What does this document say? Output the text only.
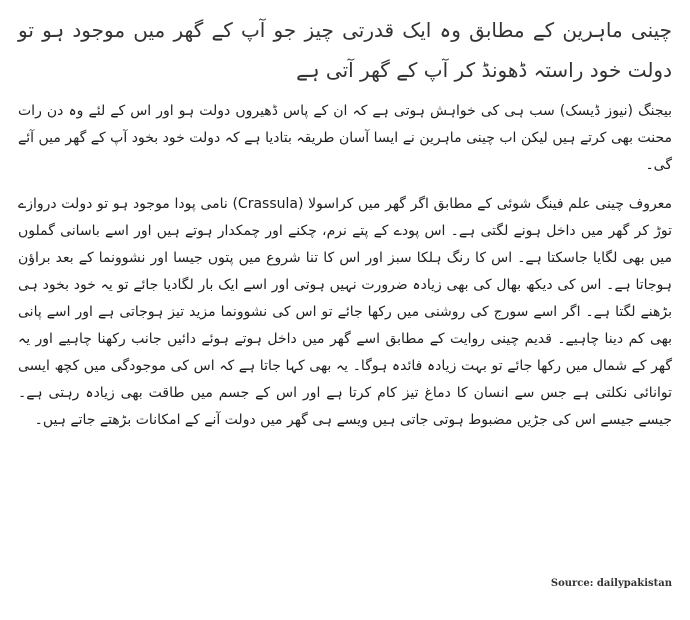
چینی ماہرین کے مطابق وہ ایک قدرتی چیز جو آپ کے گھر میں موجود ہو تو دولت خود راستہ ڈھونڈ کر آپ کے گھر آتی ہے

بیجنگ (نیوز ڈیسک) سب ہی کی خواہش ہوتی ہے کہ ان کے پاس ڈھیروں دولت ہو اور اس کے لئے وہ دن رات محنت بھی کرتے ہیں لیکن اب چینی ماہرین نے ایسا آسان طریقہ بتادیا ہے کہ دولت خود بخود آپ کے گھر میں آئے گی۔

معروف چینی علم فینگ شوئی کے مطابق اگر گھر میں کراسولا (Crassula) نامی پودا موجود ہو تو دولت دروازے توڑ کر گھر میں داخل ہونے لگتی ہے۔ اس پودے کے پتے نرم، چکنے اور چمکدار ہوتے ہیں اور اسے باسانی گملوں میں بھی لگایا جاسکتا ہے۔ اس کا رنگ ہلکا سبز اور اس کا تنا شروع میں پتوں جیسا اور نشوونما کے بعد براﺅن ہوجاتا ہے۔ اس کی دیکھ بھال کی بھی زیادہ ضرورت نہیں ہوتی اور اسے ایک بار لگادیا جائے تو یہ خود بخود ہی بڑھنے لگتا ہے۔ اگر اسے سورج کی روشنی میں رکھا جائے تو اس کی نشوونما مزید تیز ہوجاتی ہے اور اسے پانی بھی کم دینا چاہیے۔ قدیم چینی روایت کے مطابق اسے گھر میں داخل ہوتے ہوئے دائیں جانب رکھنا چاہیے اور یہ گھر کے شمال میں رکھا جائے تو بہت زیادہ فائدہ ہوگا۔ یہ بھی کہا جاتا ہے کہ اس کی موجودگی میں کچھ ایسی توانائی نکلتی ہے جس سے انسان کا دماغ تیز کام کرتا ہے اور اس کے جسم میں طاقت بھی زیادہ رہتی ہے۔ جیسے جیسے اس کی جڑیں مضبوط ہوتی جاتی ہیں ویسے ہی گھر میں دولت آنے کے امکانات بڑھتے جاتے ہیں۔

Source: dailypakistan
